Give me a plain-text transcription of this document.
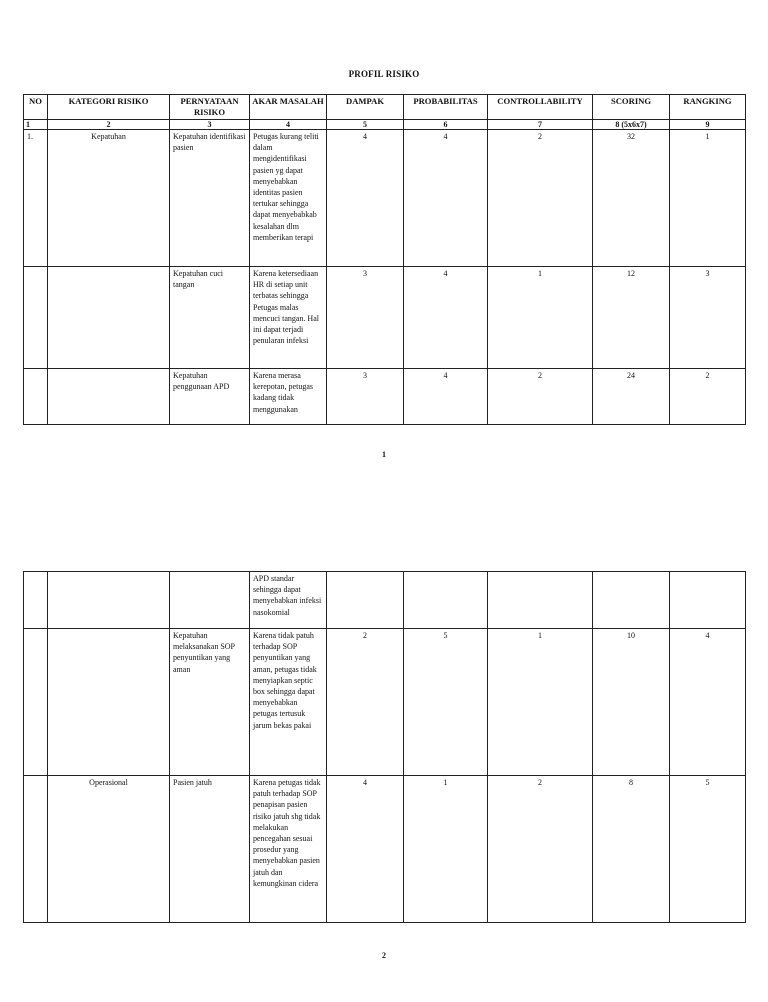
PROFIL RISIKO
NO	KATEGORI RISIKO	PERNYATAAN RISIKO	AKAR MASALAH	DAMPAK	PROBABILITAS	CONTROLLABILITY	SCORING	RANGKING
1	2	3	4	5	6	7	8 (5x6x7)	9
1.	Kepatuhan	Kepatuhan identifikasi pasien	Petugas kurang teliti dalam mengidentifikasi pasien yg dapat menyebabkan identitas pasien tertukar sehingga dapat menyebabkab kesalahan dlm memberikan terapi	4	4	2	32	1
		Kepatuhan cuci tangan	Karena ketersediaan HR di setiap unit terbatas sehingga Petugas malas mencuci tangan. Hal ini dapat terjadi penularan infeksi	3	4	1	12	3
		Kepatuhan penggunaan APD	Karena merasa kerepotan, petugas kadang tidak menggunakan	3	4	2	24	2
1
			APD standar sehingga dapat menyebabkan infeksi nasokomial					
		Kepatuhan melaksanakan SOP penyuntikan yang aman	Karena tidak patuh terhadap SOP penyuntikan yang aman, petugas tidak menyiapkan septic box sehingga dapat menyebabkan petugas tertusuk jarum bekas pakai	2	5	1	10	4
	Operasional	Pasien jatuh	Karena petugas tidak patuh terhadap SOP penapisan pasien risiko jatuh shg tidak melakukan pencegahan sesuai prosedur yang menyebabkan pasien jatuh dan kemungkinan cidera	4	1	2	8	5
2
